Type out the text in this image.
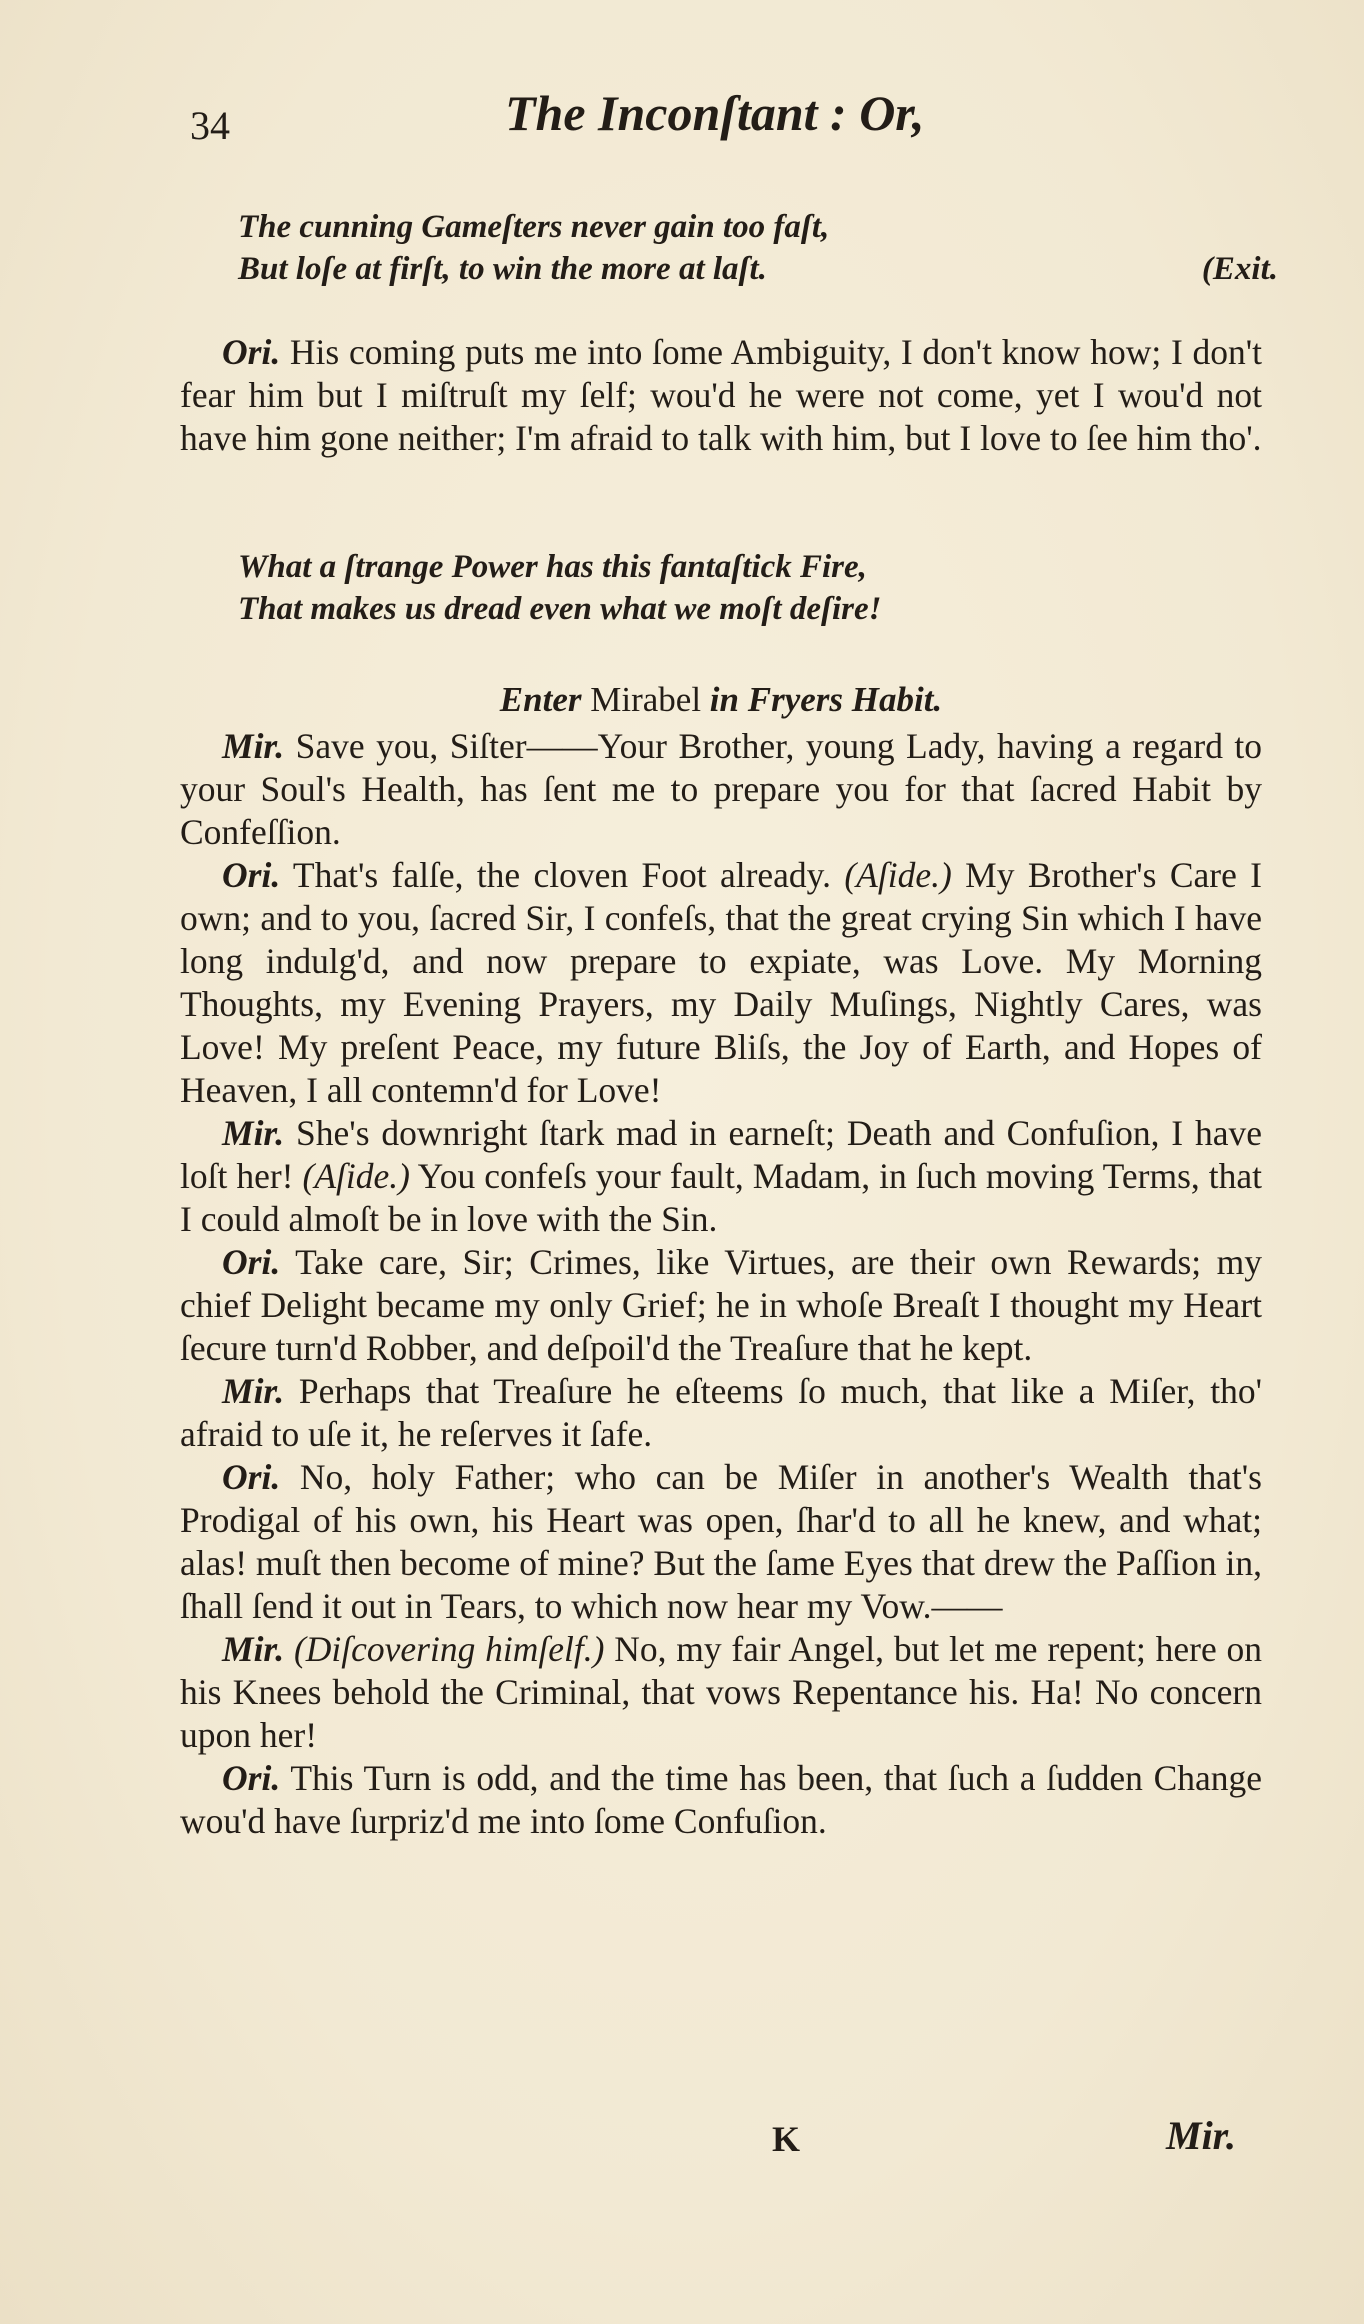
34	The Inconſtant : Or,
The cunning Gameſters never gain too faſt,
But loſe at firſt, to win the more at laſt.	(Exit.

Ori. His coming puts me into ſome Ambiguity, I don't know how; I don't fear him but I miſtruſt my ſelf; wou'd he were not come, yet I wou'd not have him gone neither; I'm afraid to talk with him, but I love to ſee him tho'.

What a ſtrange Power has this fantaſtick Fire,
That makes us dread even what we moſt deſire!
Enter Mirabel in Fryers Habit.

Mir. Save you, Siſter——Your Brother, young Lady, having a regard to your Soul's Health, has ſent me to prepare you for that ſacred Habit by Confeſſion.

Ori. That's falſe, the cloven Foot already. (Aſide.) My Brother's Care I own; and to you, ſacred Sir, I confeſs, that the great crying Sin which I have long indulg'd, and now prepare to expiate, was Love. My Morning Thoughts, my Evening Prayers, my Daily Muſings, Nightly Cares, was Love! My preſent Peace, my future Bliſs, the Joy of Earth, and Hopes of Heaven, I all contemn'd for Love!

Mir. She's downright ſtark mad in earneſt; Death and Confuſion, I have loſt her! (Aſide.) You confeſs your fault, Madam, in ſuch moving Terms, that I could almoſt be in love with the Sin.

Ori. Take care, Sir; Crimes, like Virtues, are their own Rewards; my chief Delight became my only Grief; he in whoſe Breaſt I thought my Heart ſecure turn'd Robber, and deſpoil'd the Treaſure that he kept.

Mir. Perhaps that Treaſure he eſteems ſo much, that like a Miſer, tho' afraid to uſe it, he reſerves it ſafe.

Ori. No, holy Father; who can be Miſer in another's Wealth that's Prodigal of his own, his Heart was open, ſhar'd to all he knew, and what; alas! muſt then become of mine? But the ſame Eyes that drew the Paſſion in, ſhall ſend it out in Tears, to which now hear my Vow.——

Mir. (Diſcovering himſelf.) No, my fair Angel, but let me repent; here on his Knees behold the Criminal, that vows Repentance his. Ha! No concern upon her!

Ori. This Turn is odd, and the time has been, that ſuch a ſudden Change wou'd have ſurpriz'd me into ſome Confuſion.

K	Mir.
